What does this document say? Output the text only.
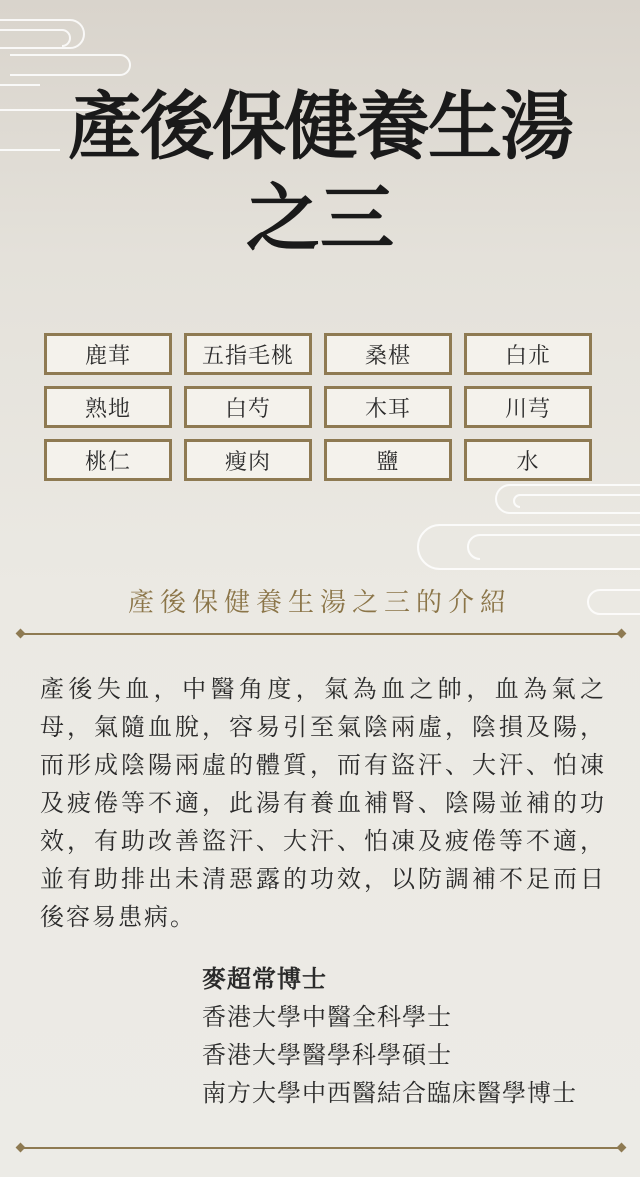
產後保健養生湯
之三
鹿茸	五指毛桃	桑椹	白朮
熟地	白芍	木耳	川芎
桃仁	瘦肉	鹽	水
產後保健養生湯之三的介紹
產後失血，中醫角度，氣為血之帥，血為氣之母，氣隨血脫，容易引至氣陰兩虛，陰損及陽，而形成陰陽兩虛的體質，而有盜汗、大汗、怕凍及疲倦等不適，此湯有養血補腎、陰陽並補的功效，有助改善盜汗、大汗、怕凍及疲倦等不適，並有助排出未清惡露的功效，以防調補不足而日後容易患病。
麥超常博士
香港大學中醫全科學士
香港大學醫學科學碩士
南方大學中西醫結合臨床醫學博士
